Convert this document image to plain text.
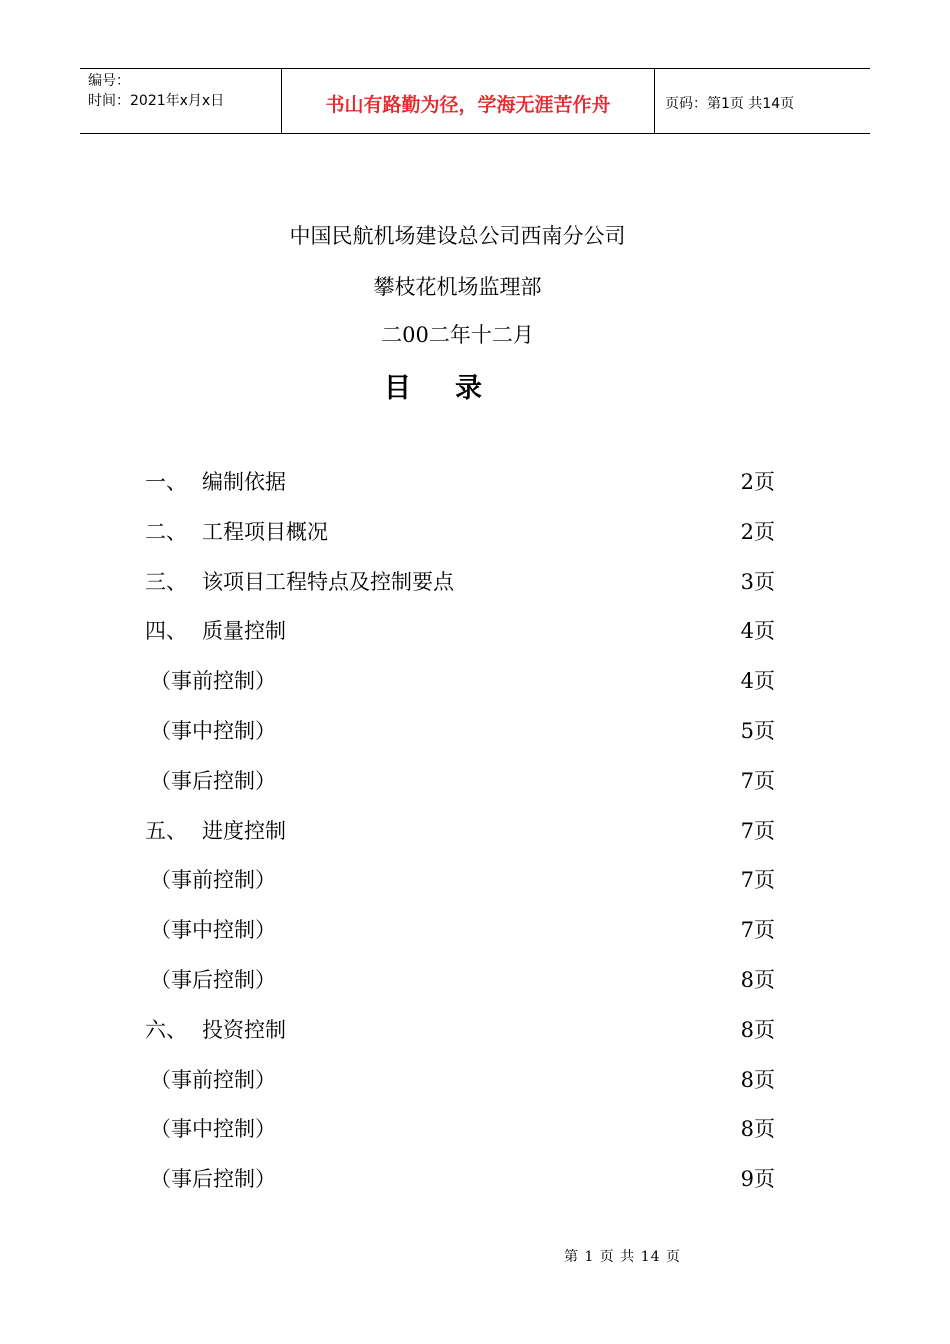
编号：
时间：2021年x月x日	书山有路勤为径，学海无涯苦作舟	页码：第1页 共14页
中国民航机场建设总公司西南分公司
攀枝花机场监理部
二00二年十二月
目录
一、 编制依据	2页
二、 工程项目概况	2页
三、 该项目工程特点及控制要点	3页
四、 质量控制	4页
（事前控制）	4页
（事中控制）	5页
（事后控制）	7页
五、 进度控制	7页
（事前控制）	7页
（事中控制）	7页
（事后控制）	8页
六、 投资控制	8页
（事前控制）	8页
（事中控制）	8页
（事后控制）	9页
第 1 页 共 14 页
